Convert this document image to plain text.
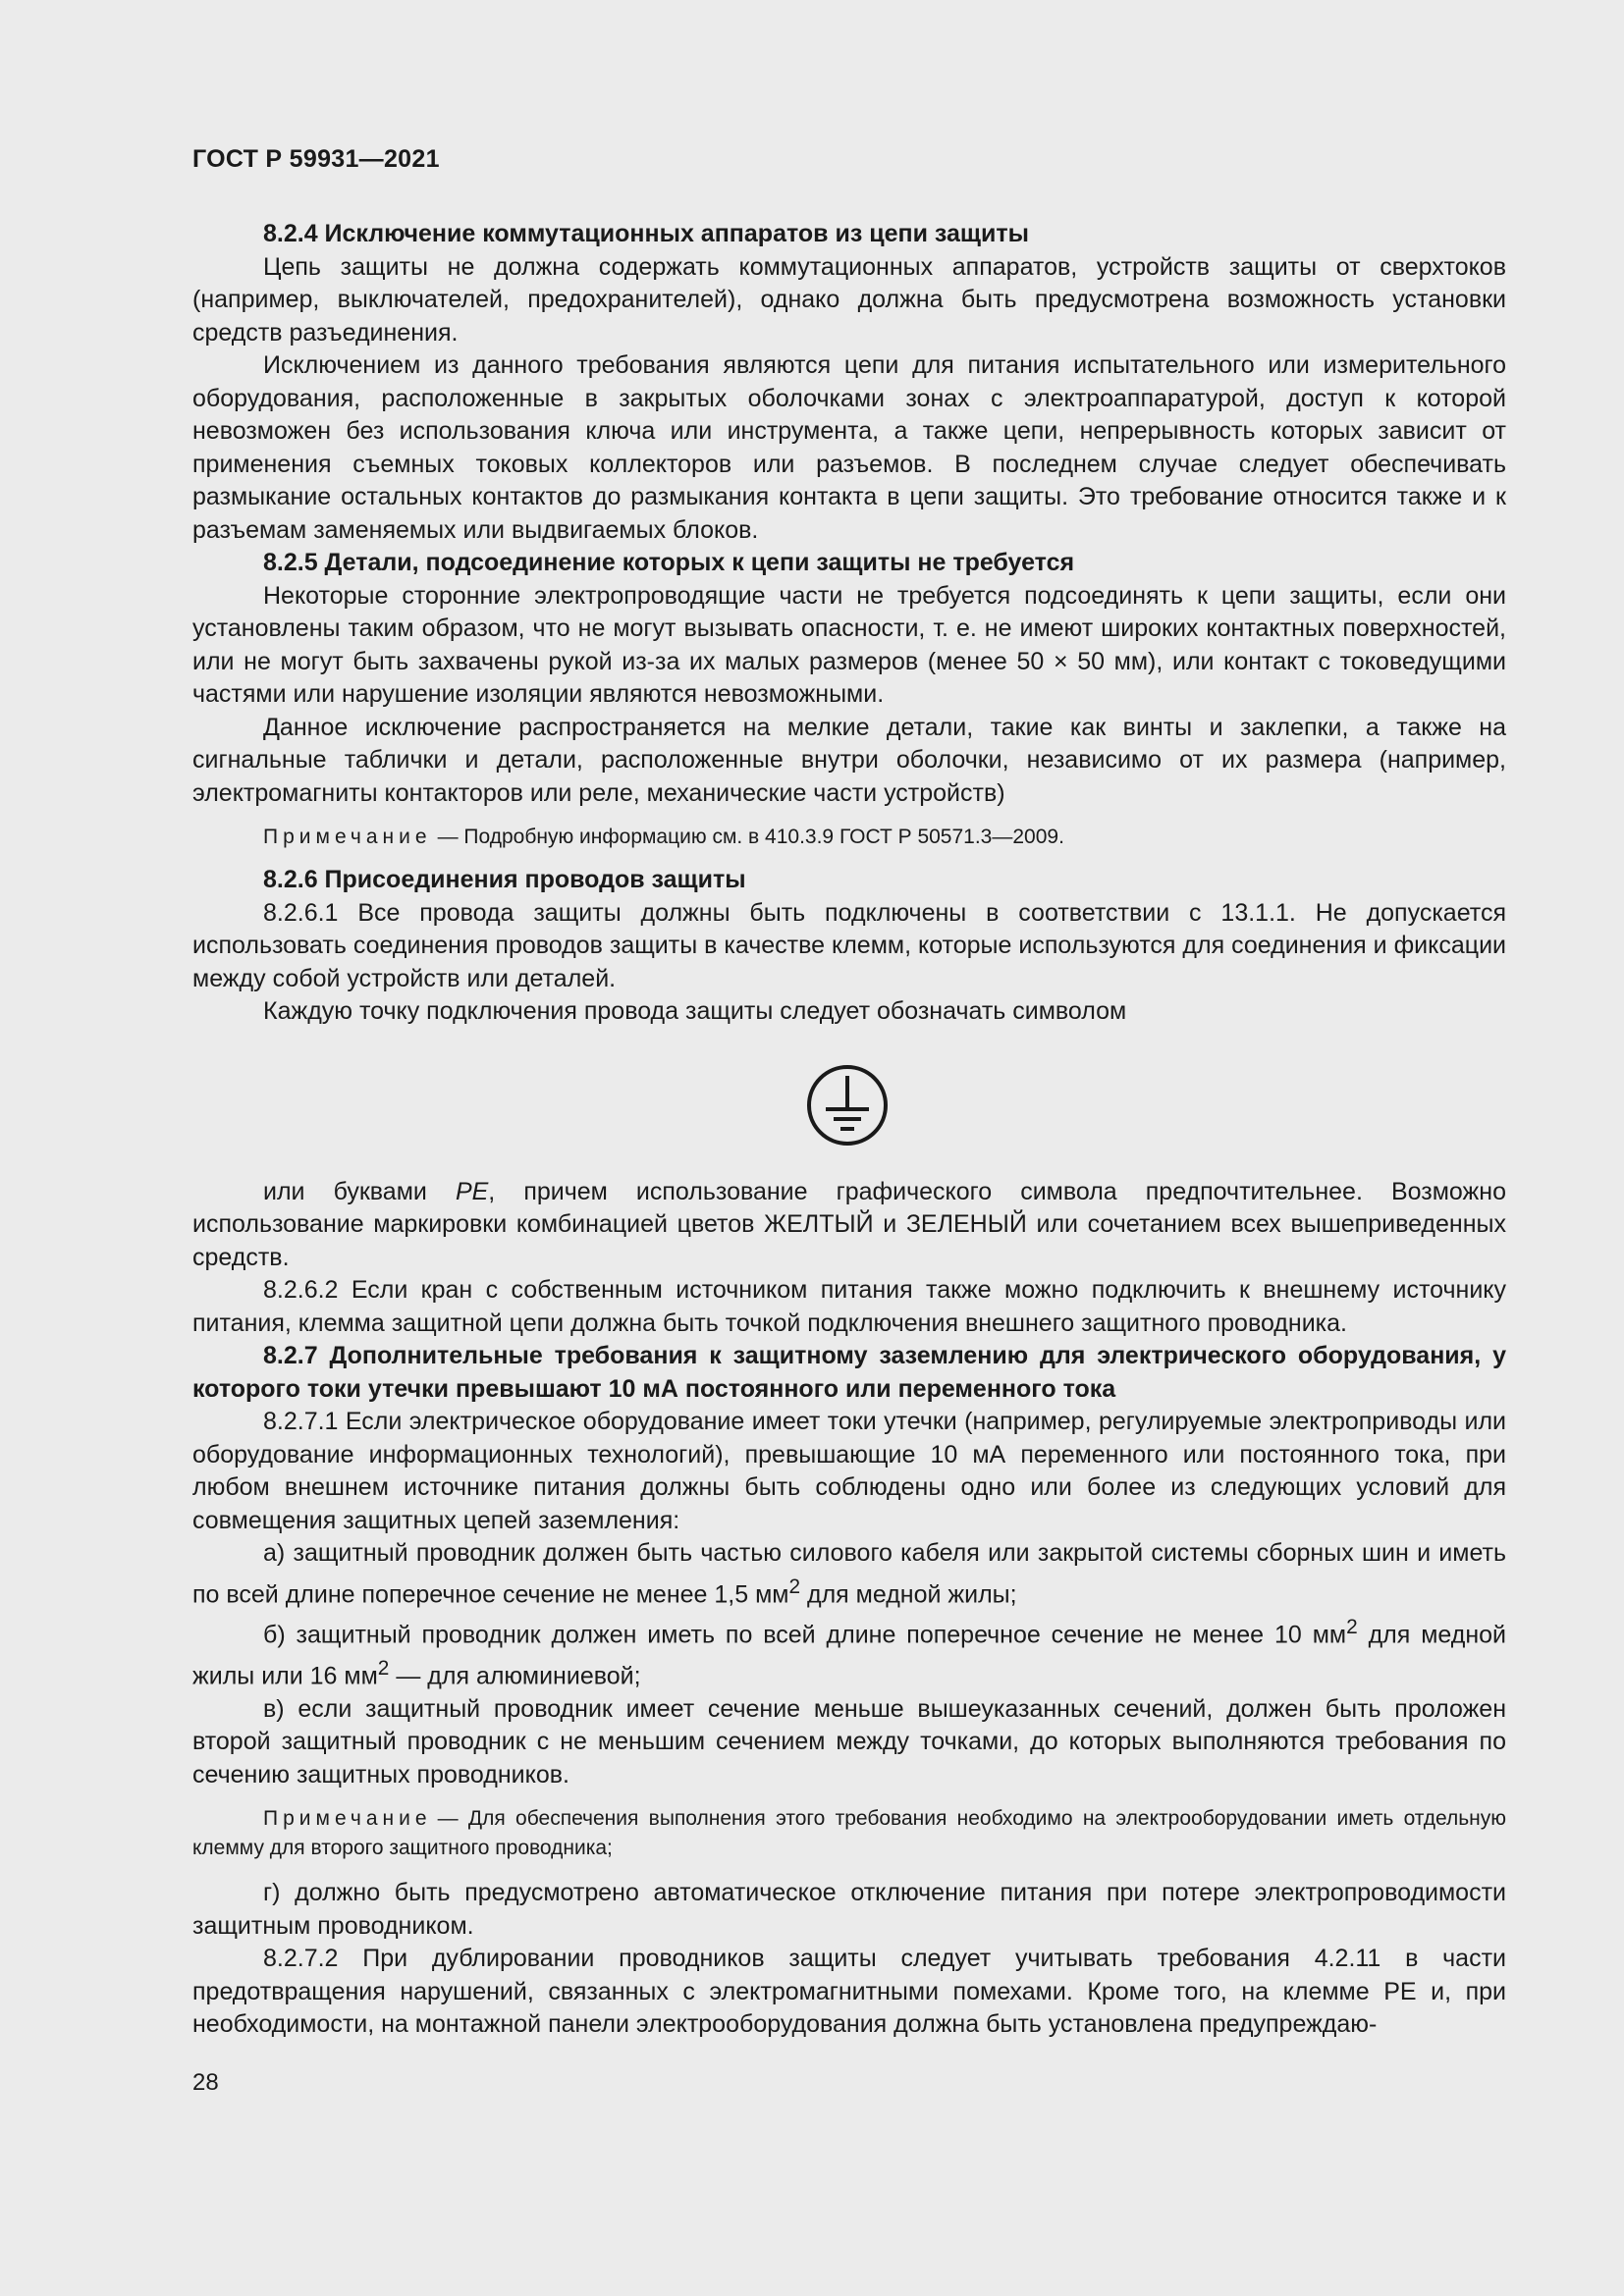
ГОСТ Р 59931—2021

8.2.4 Исключение коммутационных аппаратов из цепи защиты

Цепь защиты не должна содержать коммутационных аппаратов, устройств защиты от сверхтоков (например, выключателей, предохранителей), однако должна быть предусмотрена возможность установки средств разъединения.

Исключением из данного требования являются цепи для питания испытательного или измерительного оборудования, расположенные в закрытых оболочками зонах с электроаппаратурой, доступ к которой невозможен без использования ключа или инструмента, а также цепи, непрерывность которых зависит от применения съемных токовых коллекторов или разъемов. В последнем случае следует обеспечивать размыкание остальных контактов до размыкания контакта в цепи защиты. Это требование относится также и к разъемам заменяемых или выдвигаемых блоков.

8.2.5 Детали, подсоединение которых к цепи защиты не требуется

Некоторые сторонние электропроводящие части не требуется подсоединять к цепи защиты, если они установлены таким образом, что не могут вызывать опасности, т. е. не имеют широких контактных поверхностей, или не могут быть захвачены рукой из-за их малых размеров (менее 50 × 50 мм), или контакт с токоведущими частями или нарушение изоляции являются невозможными.

Данное исключение распространяется на мелкие детали, такие как винты и заклепки, а также на сигнальные таблички и детали, расположенные внутри оболочки, независимо от их размера (например, электромагниты контакторов или реле, механические части устройств)

Примечание — Подробную информацию см. в 410.3.9 ГОСТ Р 50571.3—2009.

8.2.6 Присоединения проводов защиты

8.2.6.1 Все провода защиты должны быть подключены в соответствии с 13.1.1. Не допускается использовать соединения проводов защиты в качестве клемм, которые используются для соединения и фиксации между собой устройств или деталей.

Каждую точку подключения провода защиты следует обозначать символом

или буквами PE, причем использование графического символа предпочтительнее. Возможно использование маркировки комбинацией цветов ЖЕЛТЫЙ и ЗЕЛЕНЫЙ или сочетанием всех вышеприведенных средств.

8.2.6.2 Если кран с собственным источником питания также можно подключить к внешнему источнику питания, клемма защитной цепи должна быть точкой подключения внешнего защитного проводника.

8.2.7 Дополнительные требования к защитному заземлению для электрического оборудования, у которого токи утечки превышают 10 мА постоянного или переменного тока

8.2.7.1 Если электрическое оборудование имеет токи утечки (например, регулируемые электроприводы или оборудование информационных технологий), превышающие 10 мА переменного или постоянного тока, при любом внешнем источнике питания должны быть соблюдены одно или более из следующих условий для совмещения защитных цепей заземления:

а) защитный проводник должен быть частью силового кабеля или закрытой системы сборных шин и иметь по всей длине поперечное сечение не менее 1,5 $мм^2$ для медной жилы;

б) защитный проводник должен иметь по всей длине поперечное сечение не менее 10 $мм^2$ для медной жилы или 16 $мм^2$ — для алюминиевой;

в) если защитный проводник имеет сечение меньше вышеуказанных сечений, должен быть проложен второй защитный проводник с не меньшим сечением между точками, до которых выполняются требования по сечению защитных проводников.

Примечание — Для обеспечения выполнения этого требования необходимо на электрооборудовании иметь отдельную клемму для второго защитного проводника;

г) должно быть предусмотрено автоматическое отключение питания при потере электропроводимости защитным проводником.

8.2.7.2 При дублировании проводников защиты следует учитывать требования 4.2.11 в части предотвращения нарушений, связанных с электромагнитными помехами. Кроме того, на клемме РЕ и, при необходимости, на монтажной панели электрооборудования должна быть установлена предупреждаю-

28
